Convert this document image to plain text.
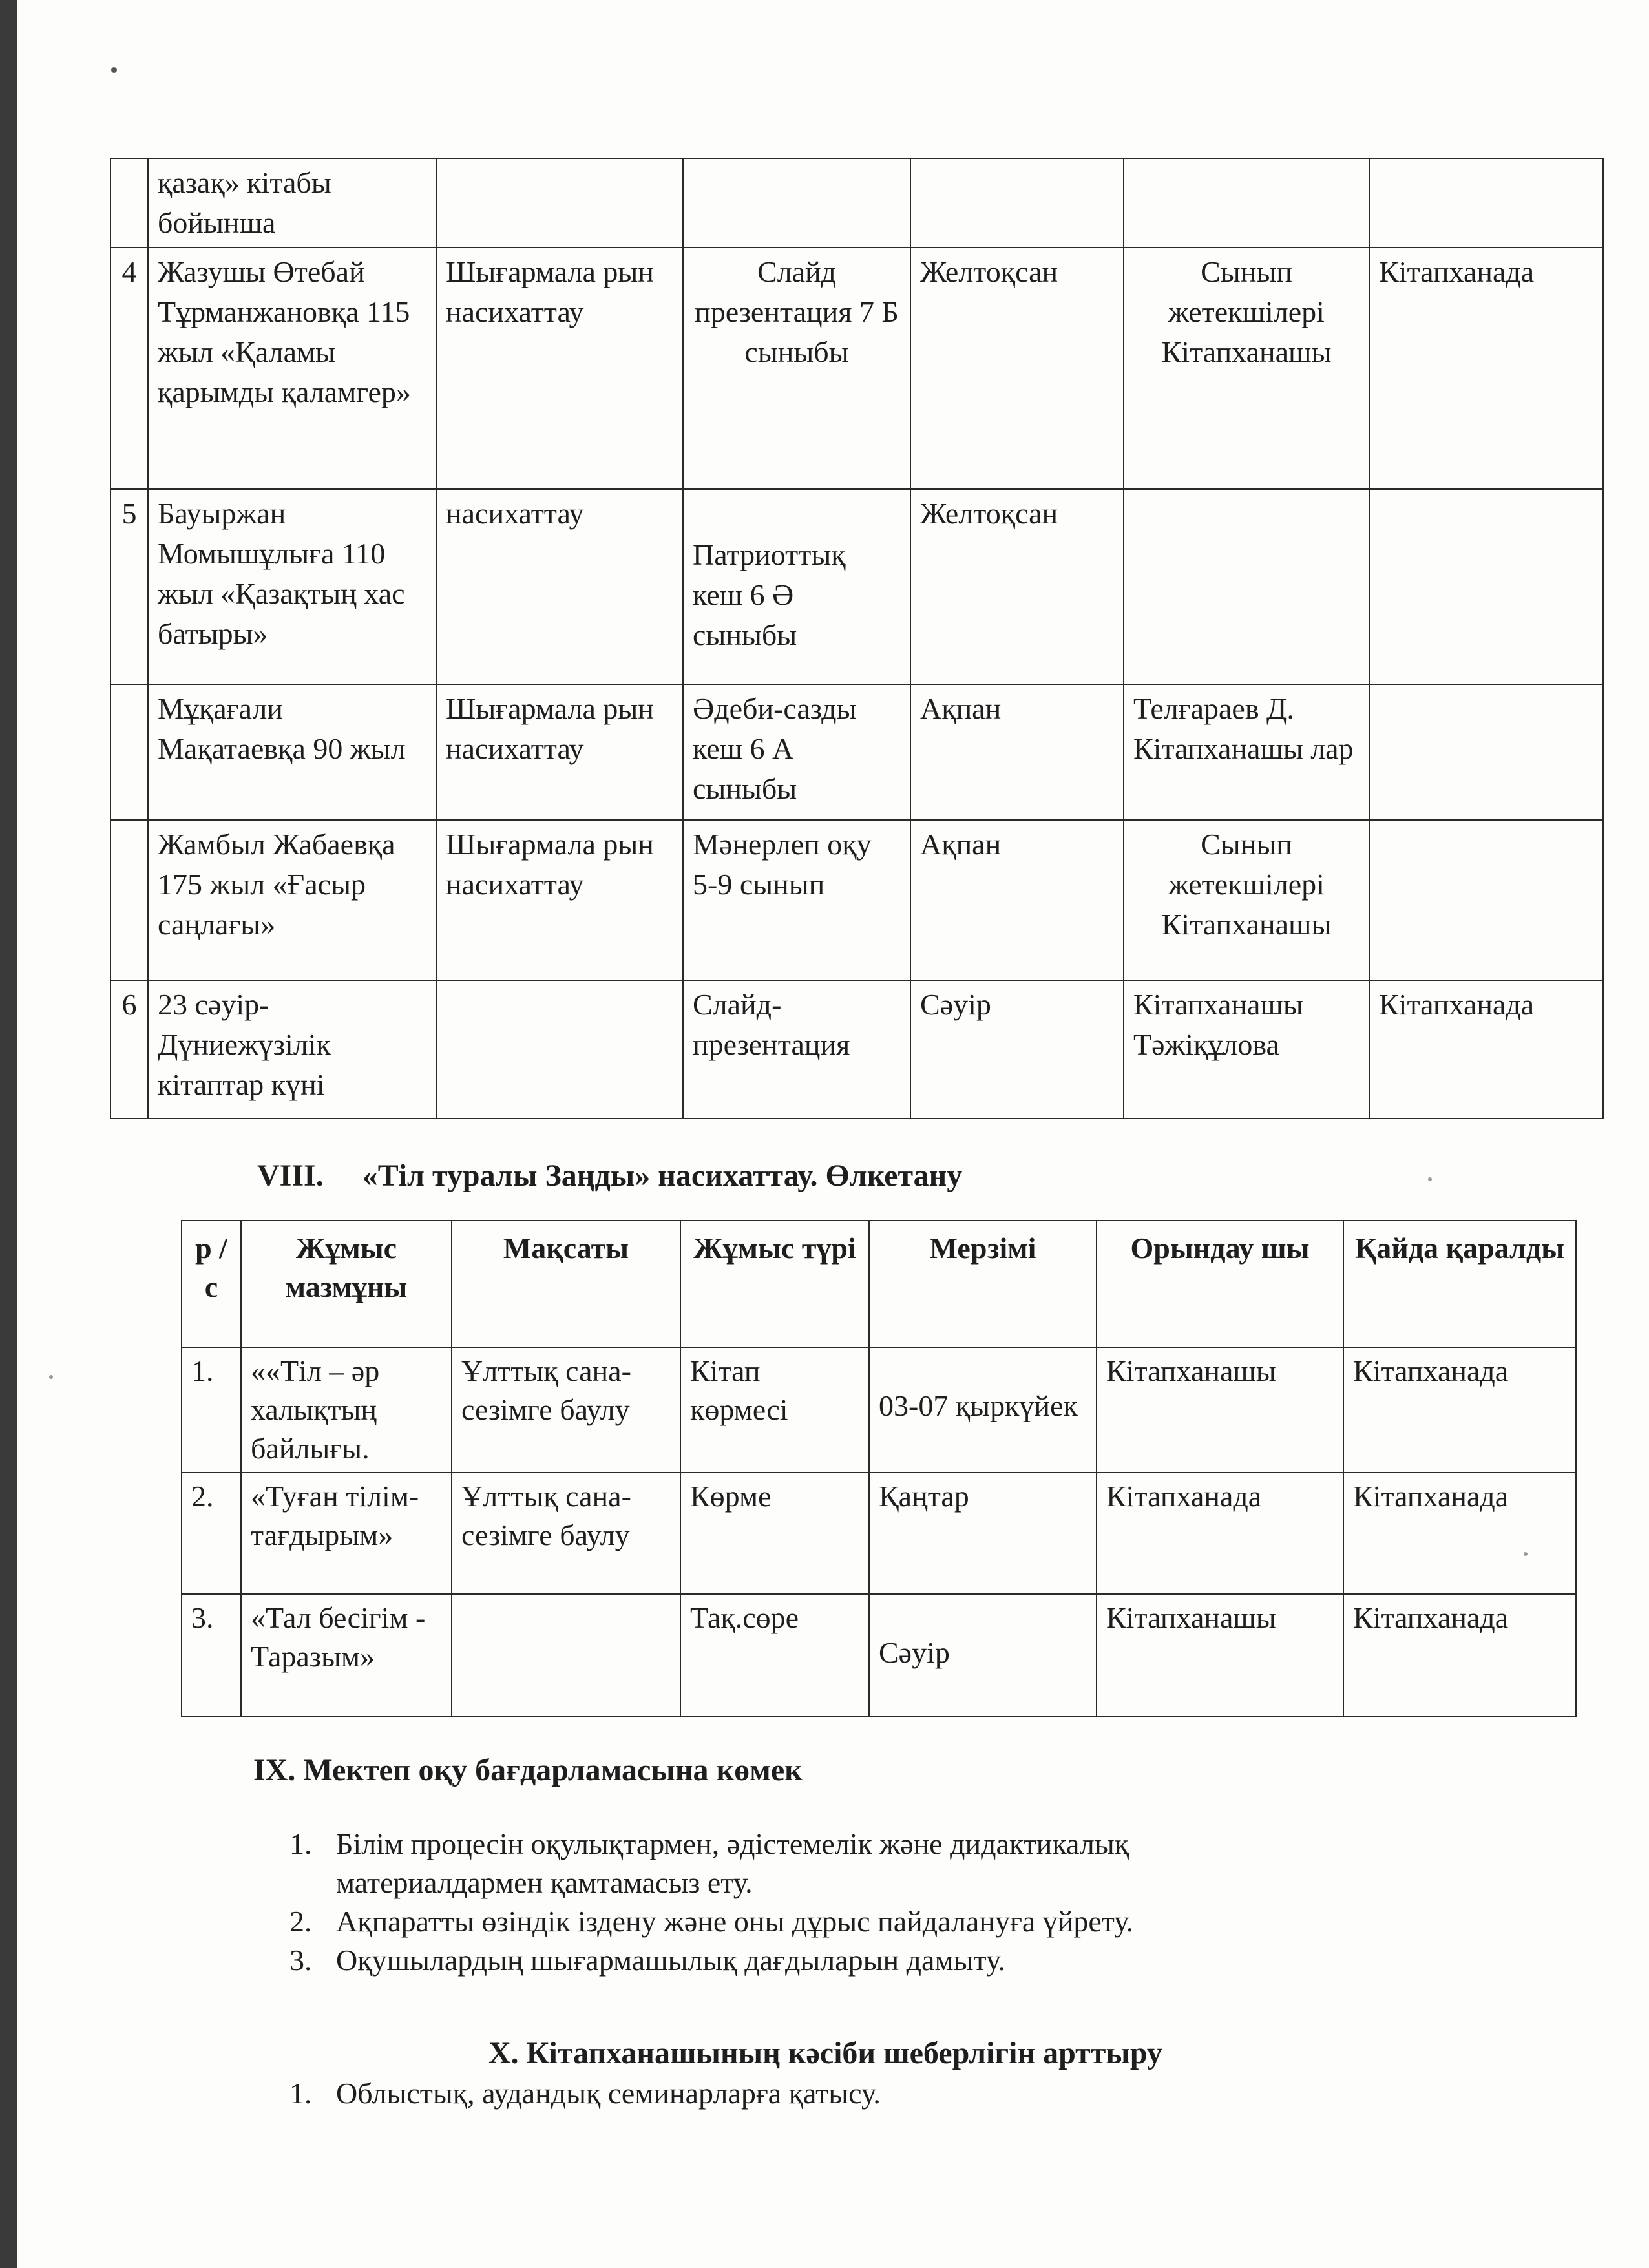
	қазақ» кітабы бойынша					
4	Жазушы Өтебай Тұрманжановқа 115 жыл «Қаламы қарымды қаламгер»	Шығармала рын насихаттау	Слайд презентация 7 Б сыныбы	Желтоқсан	Сынып жетекшілері Кітапханашы	Кітапханада
5	Бауыржан Момышұлыға 110 жыл «Қазақтың хас батыры»	насихаттау	Патриоттық кеш 6 Ә сыныбы	Желтоқсан		
	Мұқағали Мақатаевқа 90 жыл	Шығармала рын насихаттау	Әдеби-сазды кеш 6 А сыныбы	Ақпан	Телғараев Д. Кітапханашы лар	
	Жамбыл Жабаевқа 175 жыл «Ғасыр саңлағы»	Шығармала рын насихаттау	Мәнерлеп оқу 5-9 сынып	Ақпан	Сынып жетекшілері Кітапханашы	
6	23 сәуір- Дүниежүзілік кітаптар күні		Слайд- презентация	Сәуір	Кітапханашы Тәжіқұлова	Кітапханада
VIII.     «Тіл туралы Заңды» насихаттау. Өлкетану
р /с	Жұмыс мазмұны	Мақсаты	Жұмыс түрі	Мерзімі	Орындау шы	Қайда қаралды
1.	««Тіл – әр халықтың байлығы.	Ұлттық сана-сезімге баулу	Кітап көрмесі	03-07 қыркүйек	Кітапханашы	Кітапханада
2.	«Туған тілім-тағдырым»	Ұлттық сана-сезімге баулу	Көрме	Қаңтар	Кітапханада	Кітапханада
3.	«Тал бесігім - Таразым»		Тақ.сөре	Сәуір	Кітапханашы	Кітапханада
IX. Мектеп оқу бағдарламасына көмек
1. Білім процесін оқулықтармен, әдістемелік және дидактикалық материалдармен қамтамасыз ету.
2. Ақпаратты өзіндік іздену және оны дұрыс пайдалануға үйрету.
3. Оқушылардың шығармашылық дағдыларын дамыту.
X. Кітапханашының кәсіби шеберлігін арттыру
1. Облыстық, аудандық семинарларға қатысу.
